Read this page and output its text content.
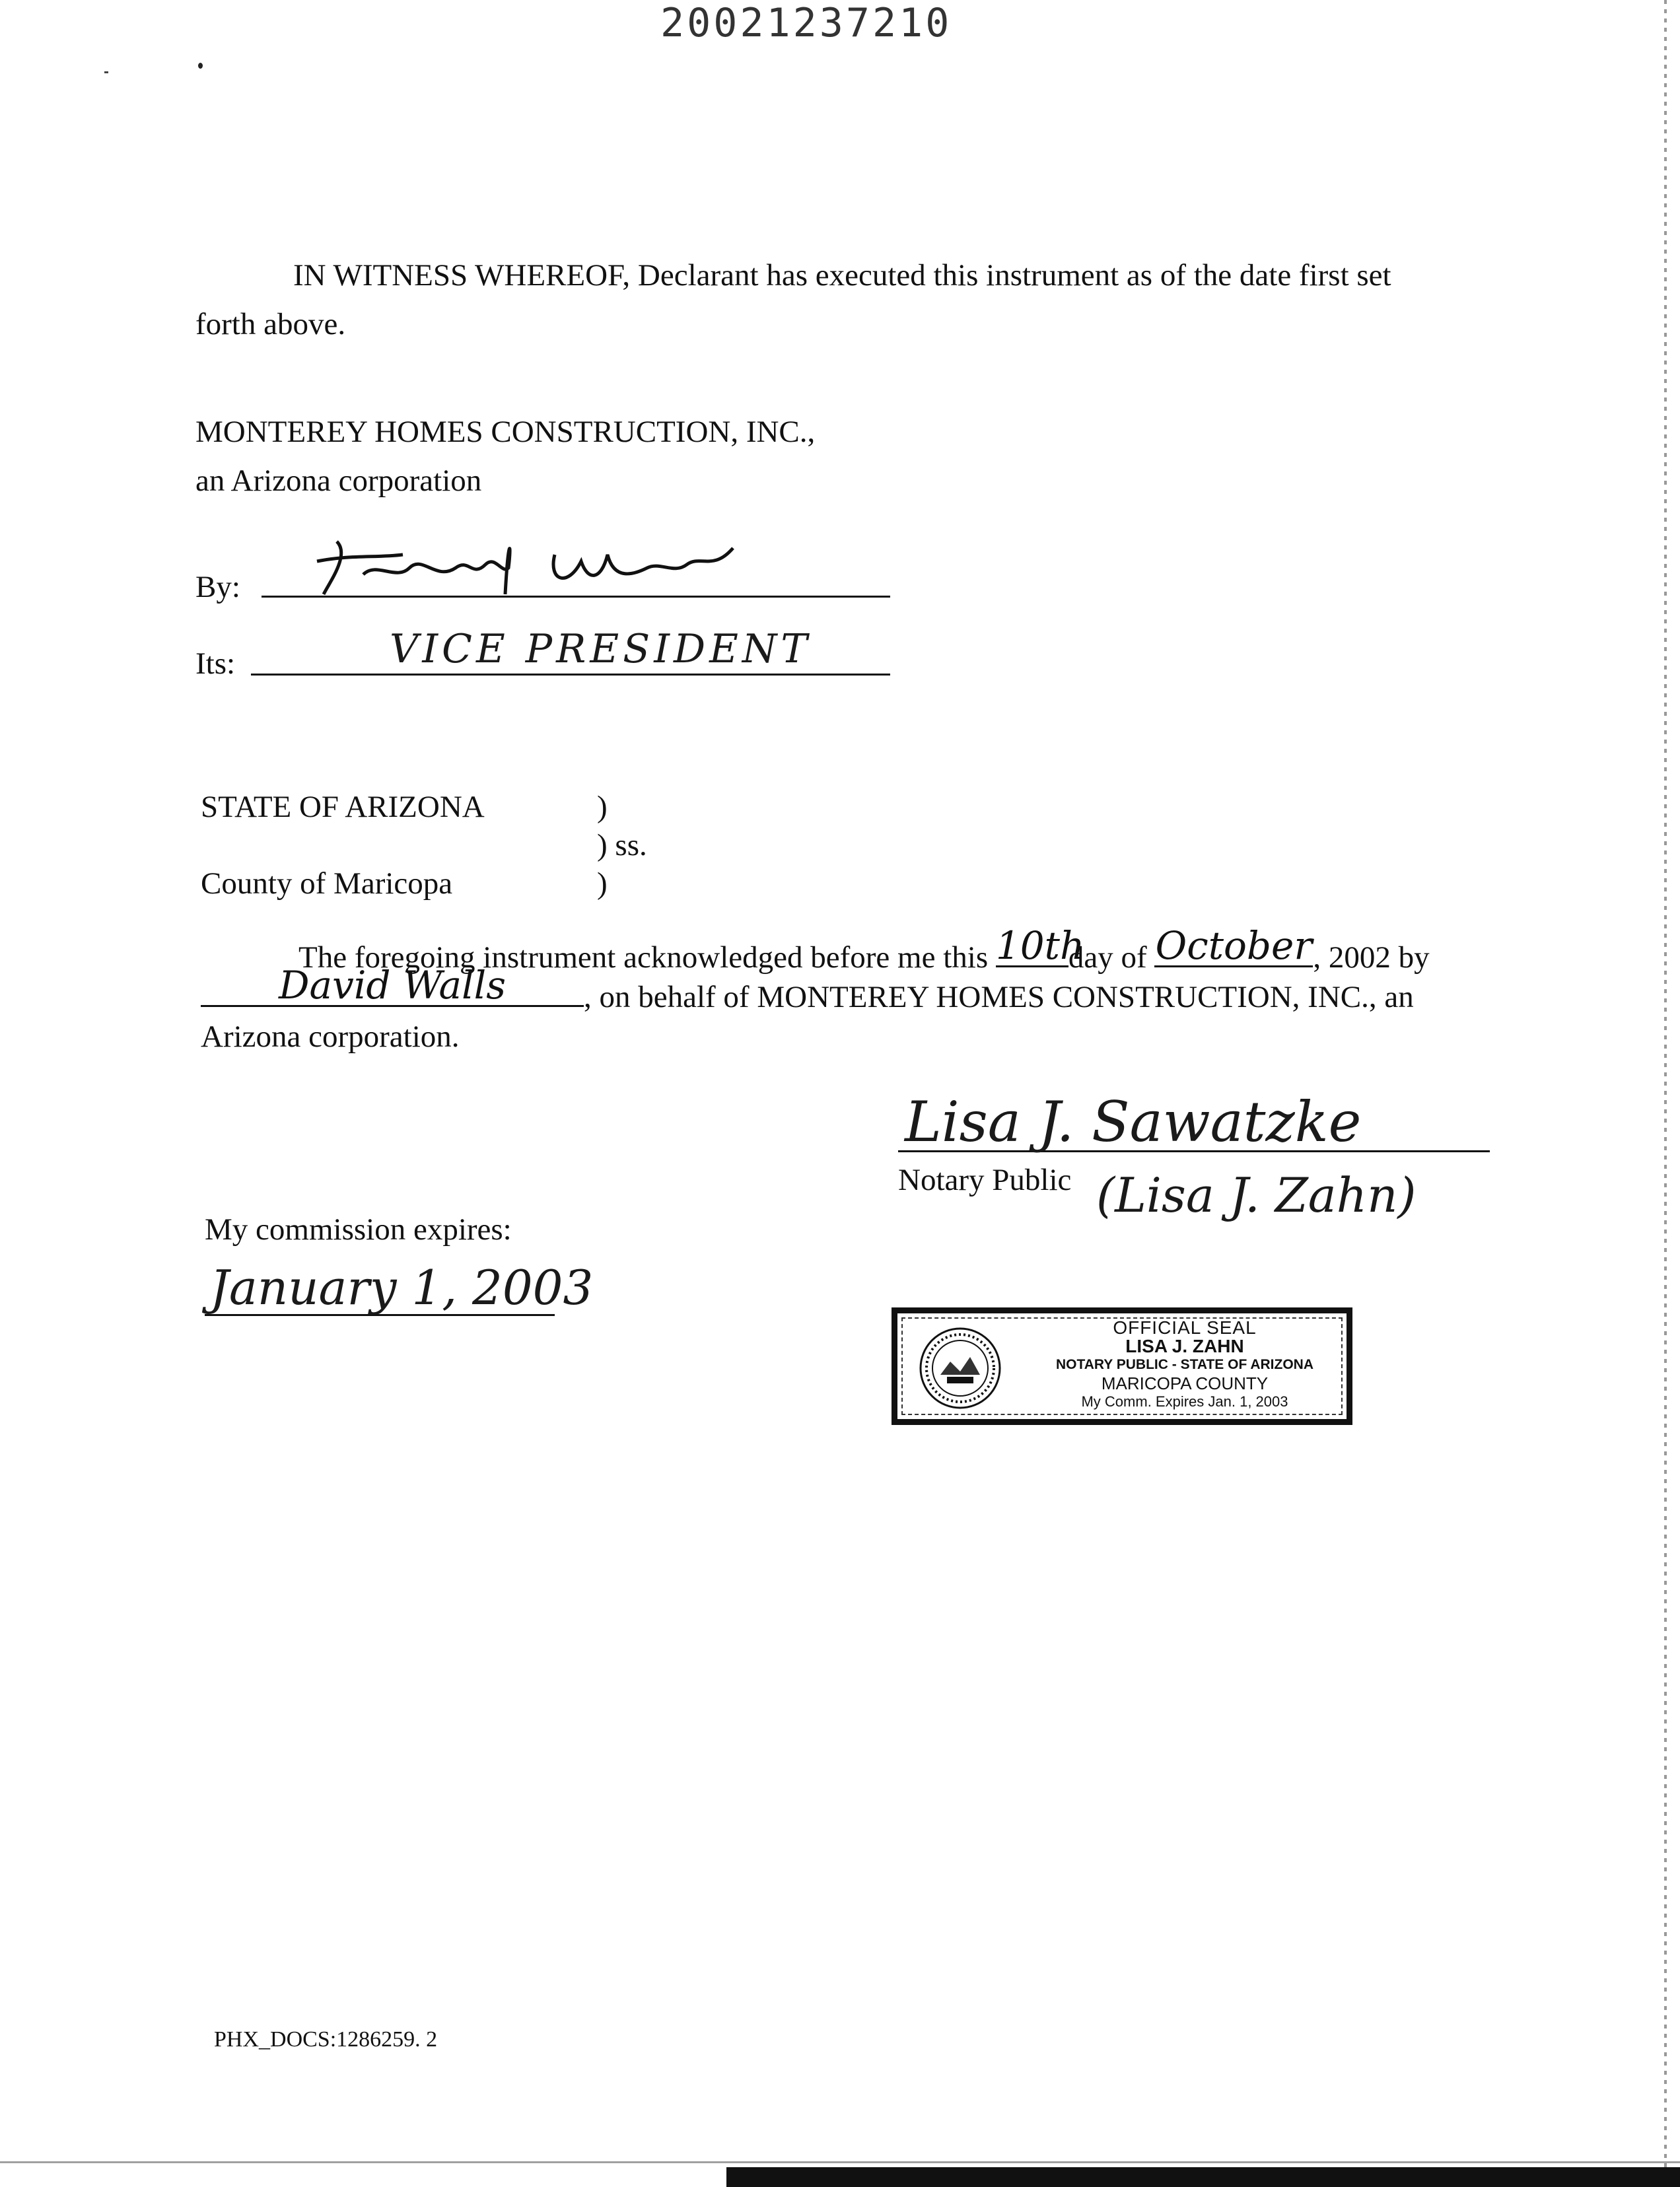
20021237210
IN WITNESS WHEREOF, Declarant has executed this instrument as of the date first set
forth above.
MONTEREY HOMES CONSTRUCTION, INC.,
an Arizona corporation
By:
Its:	VICE PRESIDENT
STATE OF ARIZONA	)
) ss.
County of Maricopa	)
The foregoing instrument acknowledged before me this 10th
day of October , 2002 by
David Walls	, on behalf of MONTEREY HOMES CONSTRUCTION, INC., an
Arizona corporation.
Lisa J. Sawatzke
Notary Public (Lisa J. Zahn)
My commission expires:
January 1, 2003
OFFICIAL SEAL
LISA J. ZAHN
NOTARY PUBLIC - STATE OF ARIZONA
MARICOPA COUNTY
My Comm. Expires Jan. 1, 2003
PHX_DOCS:1286259. 2
